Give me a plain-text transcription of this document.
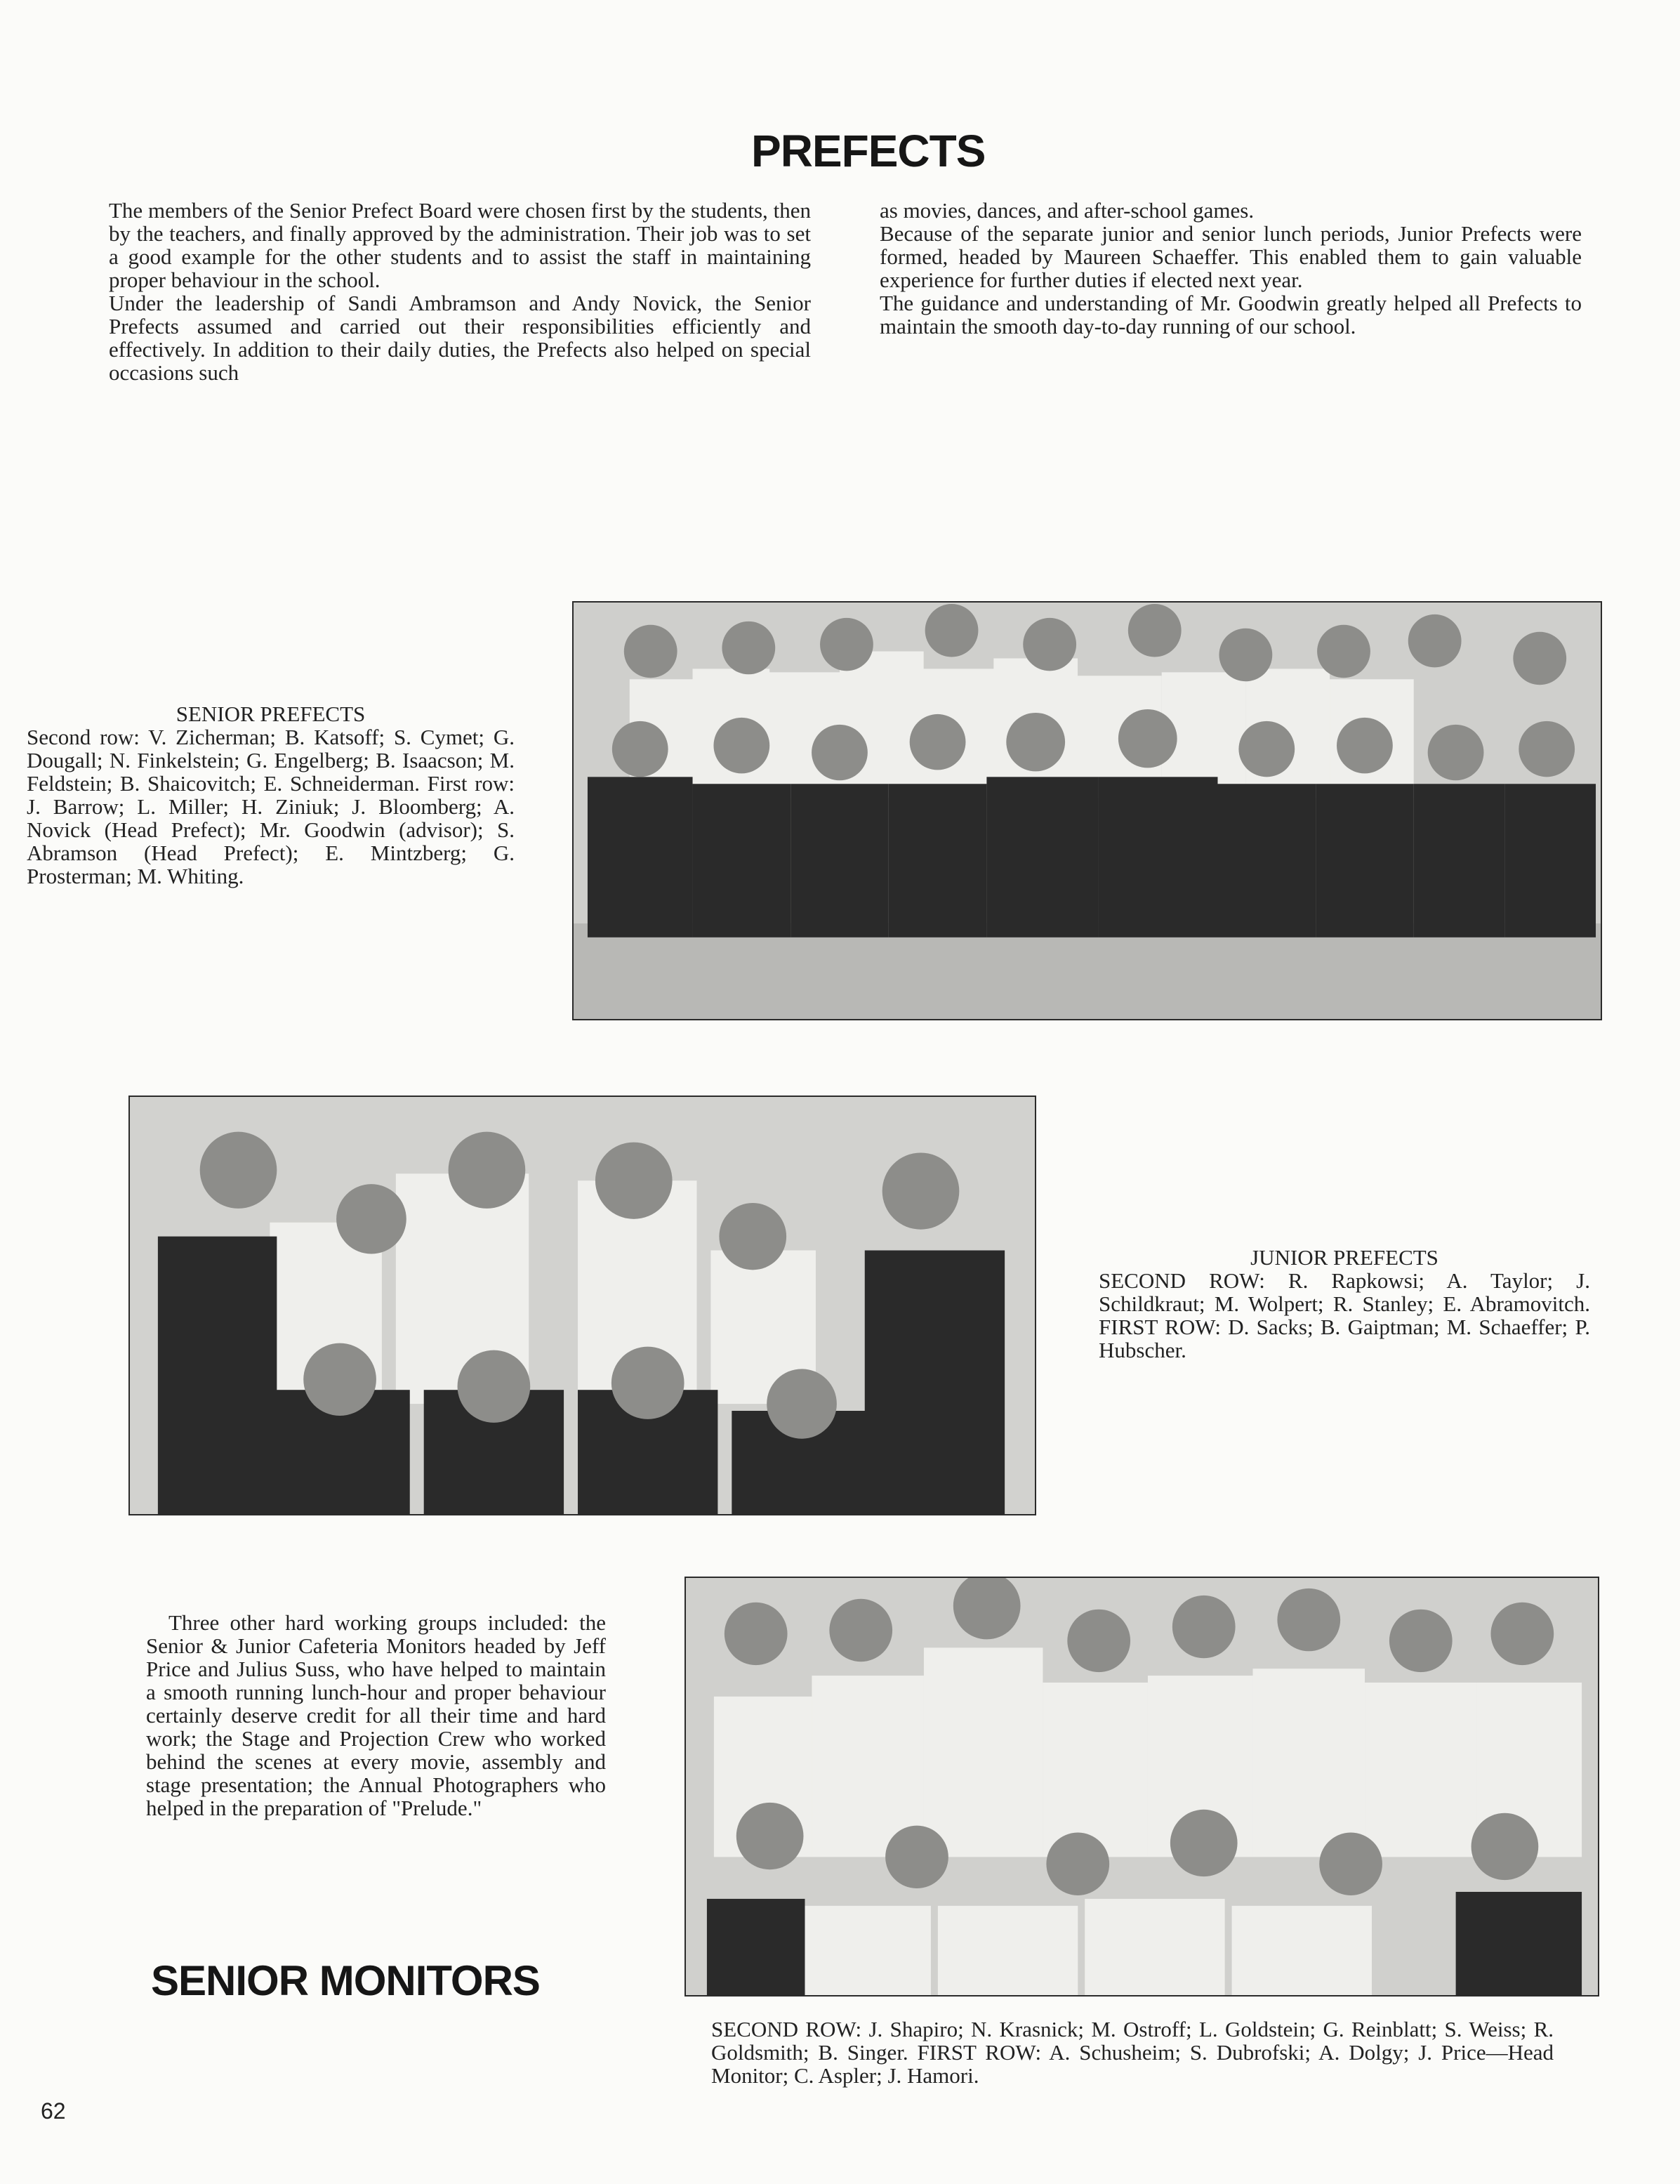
PREFECTS

The members of the Senior Prefect Board were chosen first by the students, then by the teachers, and finally approved by the administration. Their job was to set a good example for the other students and to assist the staff in maintaining proper behaviour in the school.

Under the leadership of Sandi Ambramson and Andy Novick, the Senior Prefects assumed and carried out their responsibilities efficiently and effectively. In addition to their daily duties, the Prefects also helped on special occasions such

as movies, dances, and after-school games.

Because of the separate junior and senior lunch periods, Junior Prefects were formed, headed by Maureen Schaeffer. This enabled them to gain valuable experience for further duties if elected next year.

The guidance and understanding of Mr. Goodwin greatly helped all Prefects to maintain the smooth day-to-day running of our school.

SENIOR PREFECTS
Second row: V. Zicherman; B. Katsoff; S. Cymet; G. Dougall; N. Finkelstein; G. Engelberg; B. Isaacson; M. Feldstein; B. Shaicovitch; E. Schneiderman. First row: J. Barrow; L. Miller; H. Ziniuk; J. Bloomberg; A. Novick (Head Prefect); Mr. Goodwin (advisor); S. Abramson (Head Prefect); E. Mintzberg; G. Prosterman; M. Whiting.
JUNIOR PREFECTS
SECOND ROW: R. Rapkowsi; A. Taylor; J. Schildkraut; M. Wolpert; R. Stanley; E. Abramovitch. FIRST ROW: D. Sacks; B. Gaiptman; M. Schaeffer; P. Hubscher.

Three other hard working groups included: the Senior & Junior Cafeteria Monitors headed by Jeff Price and Julius Suss, who have helped to maintain a smooth running lunch-hour and proper behaviour certainly deserve credit for all their time and hard work; the Stage and Projection Crew who worked behind the scenes at every movie, assembly and stage presentation; the Annual Photographers who helped in the preparation of "Prelude."

SENIOR MONITORS
SECOND ROW: J. Shapiro; N. Krasnick; M. Ostroff; L. Goldstein; G. Reinblatt; S. Weiss; R. Goldsmith; B. Singer. FIRST ROW: A. Schusheim; S. Dubrofski; A. Dolgy; J. Price—Head Monitor; C. Aspler; J. Hamori.
62
